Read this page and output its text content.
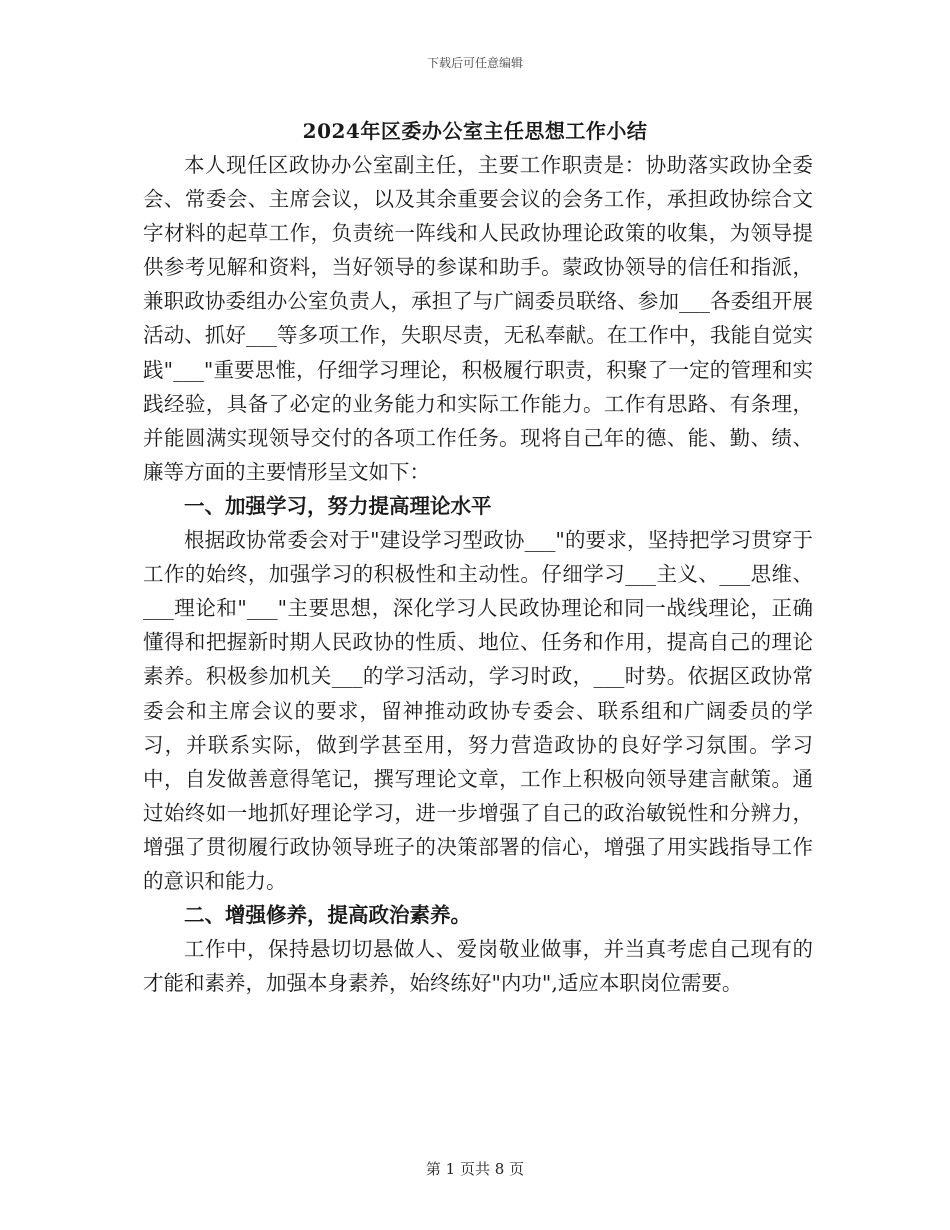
下载后可任意编辑
2024年区委办公室主任思想工作小结

本人现任区政协办公室副主任，主要工作职责是：协助落实政协全委会、常委会、主席会议，以及其余重要会议的会务工作，承担政协综合文字材料的起草工作，负责统一阵线和人民政协理论政策的收集，为领导提供参考见解和资料，当好领导的参谋和助手。蒙政协领导的信任和指派，兼职政协委组办公室负责人，承担了与广阔委员联络、参加___各委组开展活动、抓好___等多项工作，失职尽责，无私奉献。在工作中，我能自觉实践"___"重要思惟，仔细学习理论，积极履行职责，积聚了一定的管理和实践经验，具备了必定的业务能力和实际工作能力。工作有思路、有条理，并能圆满实现领导交付的各项工作任务。现将自己年的德、能、勤、绩、廉等方面的主要情形呈文如下：

一、加强学习，努力提高理论水平

根据政协常委会对于"建设学习型政协___"的要求，坚持把学习贯穿于工作的始终，加强学习的积极性和主动性。仔细学习___主义、___思维、___理论和"___"主要思想，深化学习人民政协理论和同一战线理论，正确懂得和把握新时期人民政协的性质、地位、任务和作用，提高自己的理论素养。积极参加机关___的学习活动，学习时政，___时势。依据区政协常委会和主席会议的要求，留神推动政协专委会、联系组和广阔委员的学习，并联系实际，做到学甚至用，努力营造政协的良好学习氛围。学习中，自发做善意得笔记，撰写理论文章，工作上积极向领导建言献策。通过始终如一地抓好理论学习，进一步增强了自己的政治敏锐性和分辨力，增强了贯彻履行政协领导班子的决策部署的信心，增强了用实践指导工作的意识和能力。

二、增强修养，提高政治素养。

工作中，保持悬切切悬做人、爱岗敬业做事，并当真考虑自己现有的才能和素养，加强本身素养，始终练好"内功",适应本职岗位需要。

第 1 页共 8 页
